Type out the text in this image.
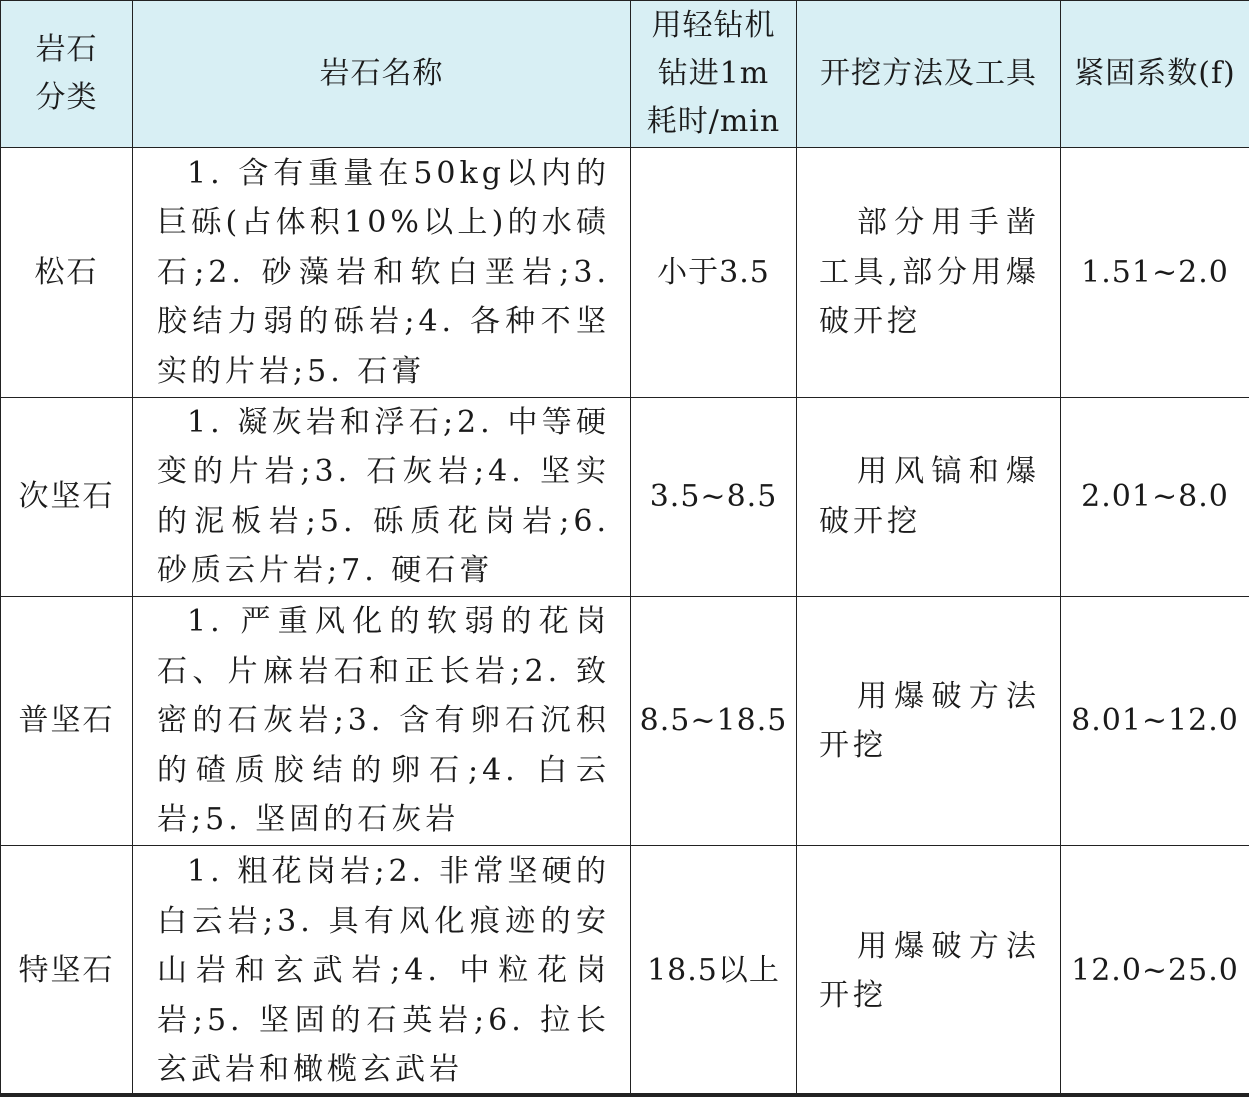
岩石分类	岩石名称	用轻钻机钻进1m耗时/min	开挖方法及工具	紧固系数(f)
松石	1. 含有重量在50kg以内的巨砾(占体积10%以上)的水碛石;2. 砂藻岩和软白垩岩;3. 胶结力弱的砾岩;4. 各种不坚实的片岩;5. 石膏	小于3.5	部分用手凿工具,部分用爆破开挖	1.51~2.0
次坚石	1. 凝灰岩和浮石;2. 中等硬变的片岩;3. 石灰岩;4. 坚实的泥板岩;5. 砾质花岗岩;6. 砂质云片岩;7. 硬石膏	3.5~8.5	用风镐和爆破开挖	2.01~8.0
普坚石	1. 严重风化的软弱的花岗石、片麻岩石和正长岩;2. 致密的石灰岩;3. 含有卵石沉积的碴质胶结的卵石;4. 白云岩;5. 坚固的石灰岩	8.5~18.5	用爆破方法开挖	8.01~12.0
特坚石	1. 粗花岗岩;2. 非常坚硬的白云岩;3. 具有风化痕迹的安山岩和玄武岩;4. 中粒花岗岩;5. 坚固的石英岩;6. 拉长玄武岩和橄榄玄武岩	18.5以上	用爆破方法开挖	12.0~25.0
